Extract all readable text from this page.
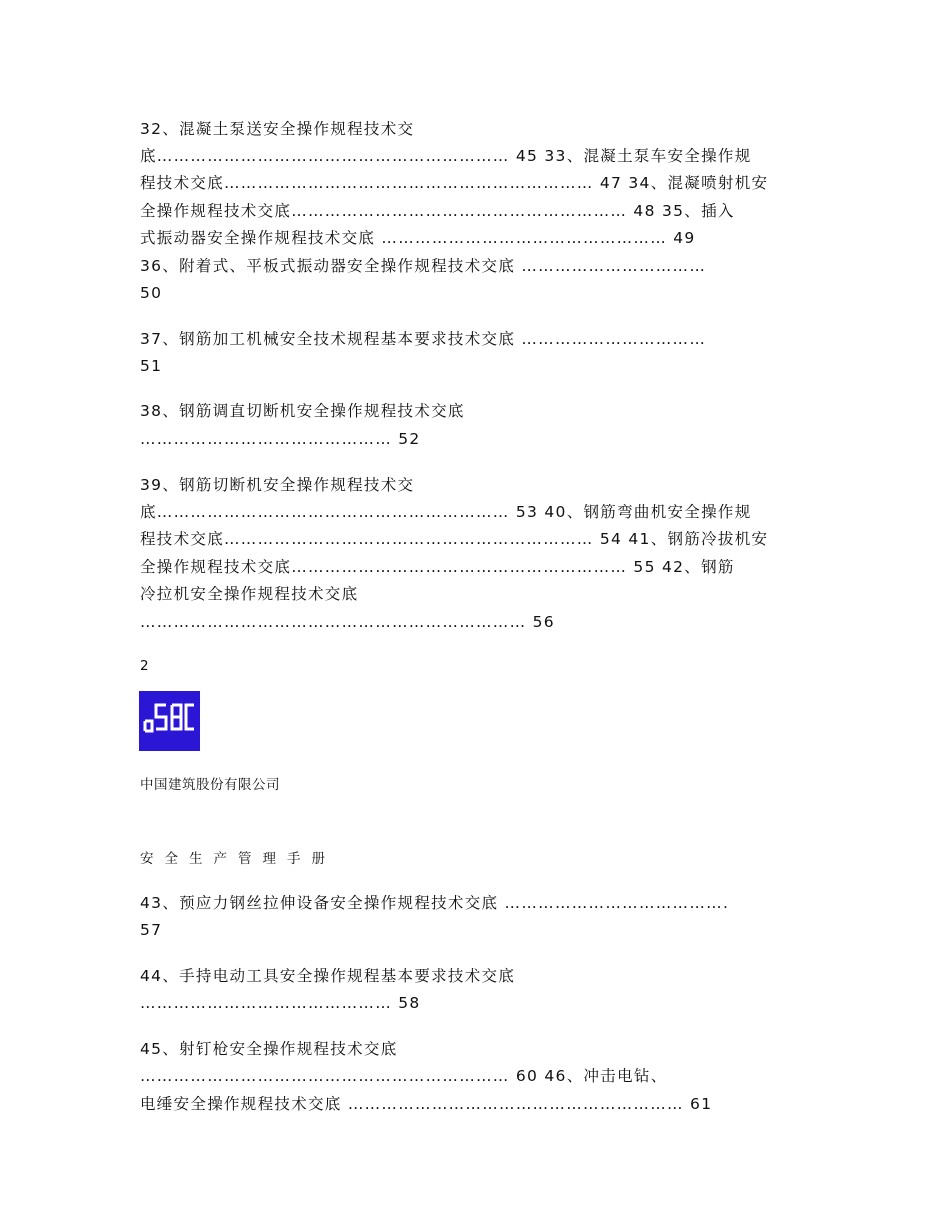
32、混凝土泵送安全操作规程技术交
底……………………………………………………… 45 33、混凝土泵车安全操作规
程技术交底………………………………………………………… 47 34、混凝喷射机安
全操作规程技术交底…………………………………………………… 48 35、插入
式振动器安全操作规程技术交底 …………………………………………… 49
36、附着式、平板式振动器安全操作规程技术交底 ……………………………
50
37、钢筋加工机械安全技术规程基本要求技术交底 ……………………………
51
38、钢筋调直切断机安全操作规程技术交底
……………………………………… 52
39、钢筋切断机安全操作规程技术交
底……………………………………………………… 53 40、钢筋弯曲机安全操作规
程技术交底………………………………………………………… 54 41、钢筋冷拔机安
全操作规程技术交底…………………………………………………… 55 42、钢筋
冷拉机安全操作规程技术交底
…………………………………………………………… 56
2
中国建筑股份有限公司
安全生产管理手册
43、预应力钢丝拉伸设备安全操作规程技术交底 ………………………………….
57
44、手持电动工具安全操作规程基本要求技术交底
……………………………………… 58
45、射钉枪安全操作规程技术交底
………………………………………………………… 60 46、冲击电钻、
电缍安全操作规程技术交底 …………………………………………………… 61
